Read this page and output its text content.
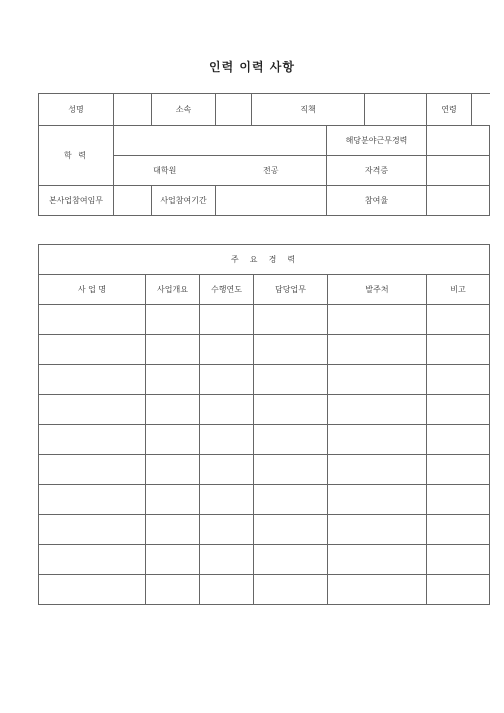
인력 이력 사항
성명		소속		직책			연령

학 력					해당분야근무경력		
	대학원		전공		자격증		
본사업참여임무		사업참여기간			참여율		
주  요  경  력					
사 업 명	사업개요	수행연도	담당업무	발주처	비고
